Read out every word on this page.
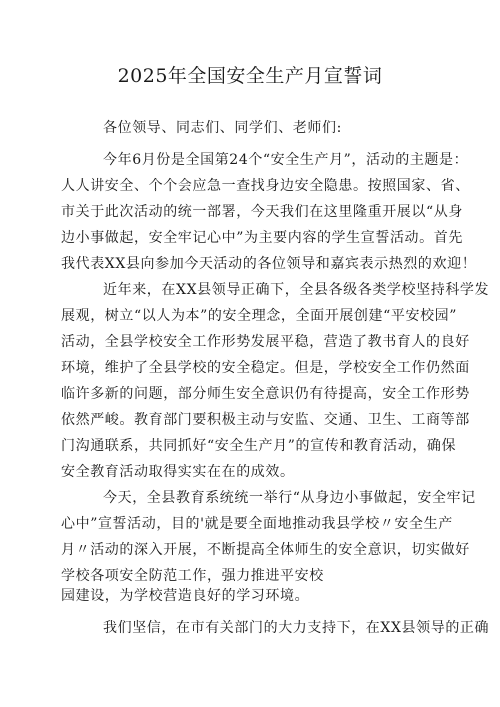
2025年全国安全生产月宣誓词
各位领导、同志们、同学们、老师们:
今年6月份是全国第24个“安全生产月”，活动的主题是：
人人讲安全、个个会应急一查找身边安全隐患。按照国家、省、
市关于此次活动的统一部署，今天我们在这里隆重开展以“从身
边小事做起，安全牢记心中”为主要内容的学生宣誓活动。首先
我代表XX县向参加今天活动的各位领导和嘉宾表示热烈的欢迎！
近年来，在XX县领导正确下，全县各级各类学校坚持科学发
展观，树立“以人为本”的安全理念，全面开展创建“平安校园”
活动，全县学校安全工作形势发展平稳，营造了教书育人的良好
环境，维护了全县学校的安全稳定。但是，学校安全工作仍然面
临许多新的问题，部分师生安全意识仍有待提高，安全工作形势
依然严峻。教育部门要积极主动与安监、交通、卫生、工商等部
门沟通联系，共同抓好“安全生产月”的宣传和教育活动，确保
安全教育活动取得实实在在的成效。
今天，全县教育系统统一举行“从身边小事做起，安全牢记
心中”宣誓活动，目的'就是要全面地推动我县学校〃安全生产
月〃活动的深入开展，不断提高全体师生的安全意识，切实做好
学校各项安全防范工作，强力推进平安校
园建设，为学校营造良好的学习环境。
我们坚信，在市有关部门的大力支持下，在XX县领导的正确
